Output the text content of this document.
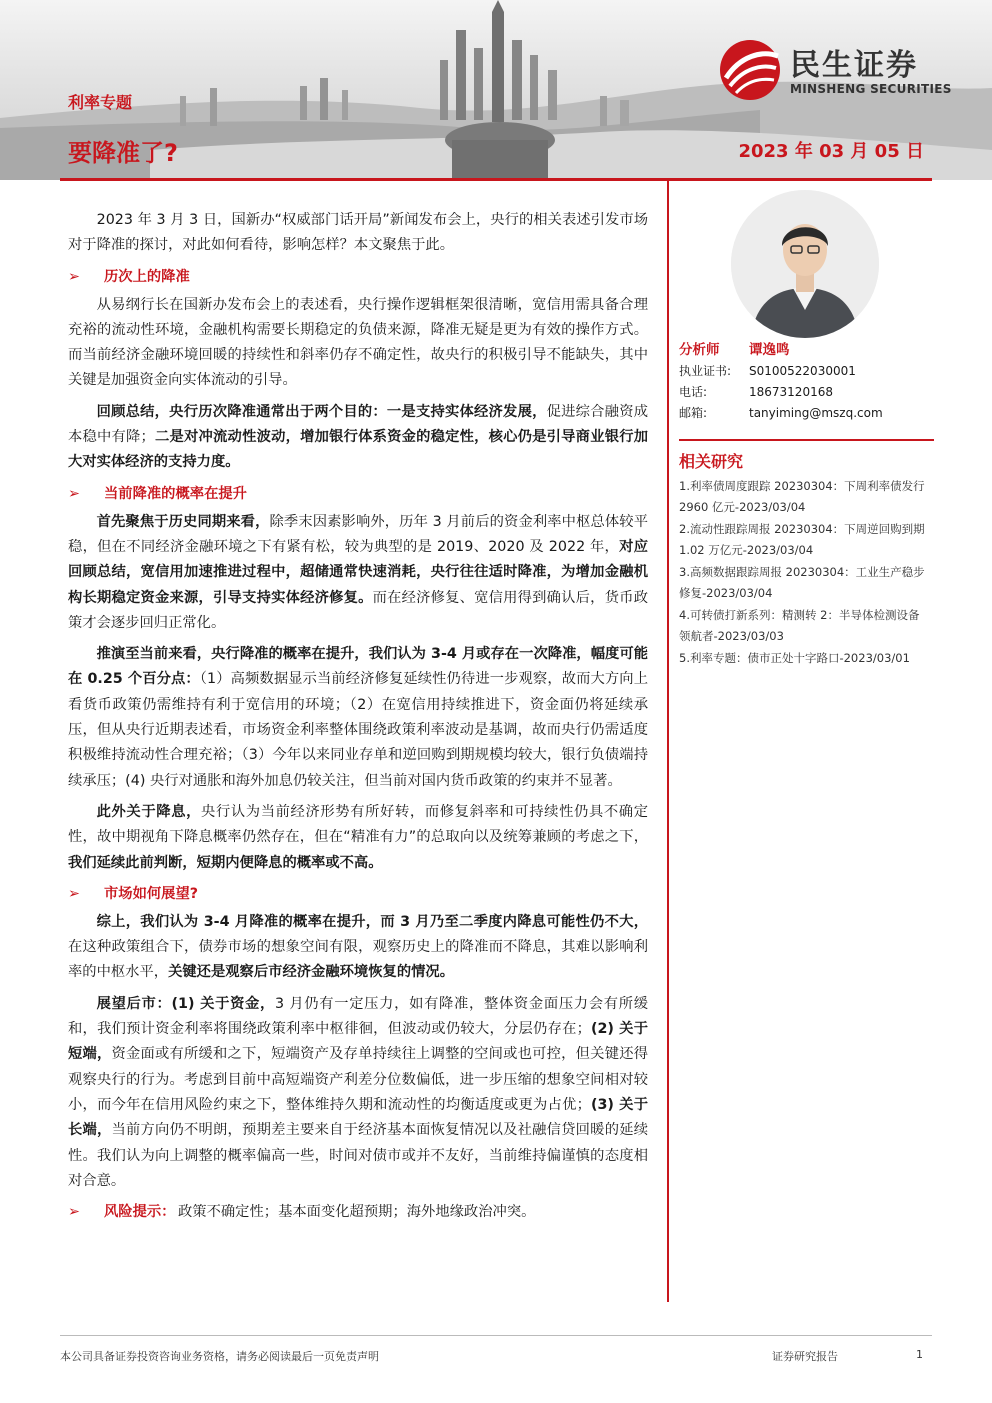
民生证券
MINSHENG SECURITIES
利率专题
要降准了?	2023 年 03 月 05 日

2023 年 3 月 3 日，国新办“权威部门话开局”新闻发布会上，央行的相关表述引发市场对于降准的探讨，对此如何看待，影响怎样？本文聚焦于此。

➢ 历次上的降准

从易纲行长在国新办发布会上的表述看，央行操作逻辑框架很清晰，宽信用需具备合理充裕的流动性环境，金融机构需要长期稳定的负债来源，降准无疑是更为有效的操作方式。而当前经济金融环境回暖的持续性和斜率仍存不确定性，故央行的积极引导不能缺失，其中关键是加强资金向实体流动的引导。

回顾总结，央行历次降准通常出于两个目的：一是支持实体经济发展，促进综合融资成本稳中有降；二是对冲流动性波动，增加银行体系资金的稳定性，核心仍是引导商业银行加大对实体经济的支持力度。

➢ 当前降准的概率在提升

首先聚焦于历史同期来看，除季末因素影响外，历年 3 月前后的资金利率中枢总体较平稳，但在不同经济金融环境之下有紧有松，较为典型的是 2019、2020 及 2022 年，对应回顾总结，宽信用加速推进过程中，超储通常快速消耗，央行往往适时降准，为增加金融机构长期稳定资金来源，引导支持实体经济修复。而在经济修复、宽信用得到确认后，货币政策才会逐步回归正常化。

推演至当前来看，央行降准的概率在提升，我们认为 3-4 月或存在一次降准，幅度可能在 0.25 个百分点：（1）高频数据显示当前经济修复延续性仍待进一步观察，故而大方向上看货币政策仍需维持有利于宽信用的环境；（2）在宽信用持续推进下，资金面仍将延续承压，但从央行近期表述看，市场资金利率整体围绕政策利率波动是基调，故而央行仍需适度积极维持流动性合理充裕；（3）今年以来同业存单和逆回购到期规模均较大，银行负债端持续承压；(4) 央行对通胀和海外加息仍较关注，但当前对国内货币政策的约束并不显著。

此外关于降息，央行认为当前经济形势有所好转，而修复斜率和可持续性仍具不确定性，故中期视角下降息概率仍然存在，但在“精准有力”的总取向以及统筹兼顾的考虑之下，我们延续此前判断，短期内便降息的概率或不高。

➢ 市场如何展望?

综上，我们认为 3-4 月降准的概率在提升，而 3 月乃至二季度内降息可能性仍不大，在这种政策组合下，债券市场的想象空间有限，观察历史上的降准而不降息，其难以影响利率的中枢水平，关键还是观察后市经济金融环境恢复的情况。

展望后市：(1) 关于资金，3 月仍有一定压力，如有降准，整体资金面压力会有所缓和，我们预计资金利率将围绕政策利率中枢徘徊，但波动或仍较大，分层仍存在；(2) 关于短端，资金面或有所缓和之下，短端资产及存单持续往上调整的空间或也可控，但关键还得观察央行的行为。考虑到目前中高短端资产利差分位数偏低，进一步压缩的想象空间相对较小，而今年在信用风险约束之下，整体维持久期和流动性的均衡适度或更为占优；(3) 关于长端，当前方向仍不明朗，预期差主要来自于经济基本面恢复情况以及社融信贷回暖的延续性。我们认为向上调整的概率偏高一些，时间对债市或并不友好，当前维持偏谨慎的态度相对合意。

➢ 风险提示： 政策不确定性；基本面变化超预期；海外地缘政治冲突。
分析师 谭逸鸣
执业证书: S0100522030001
电话:	18673120168
邮箱:	tanyiming@mszq.com
相关研究
1.利率债周度跟踪 20230304：下周利率债发行 2960 亿元-2023/03/04
2.流动性跟踪周报 20230304：下周逆回购到期 1.02 万亿元-2023/03/04
3.高频数据跟踪周报 20230304：工业生产稳步修复-2023/03/04
4.可转债打新系列：精测转 2：半导体检测设备领航者-2023/03/03
5.利率专题：债市正处十字路口-2023/03/01
本公司具备证券投资咨询业务资格，请务必阅读最后一页免责声明	证券研究报告	1
